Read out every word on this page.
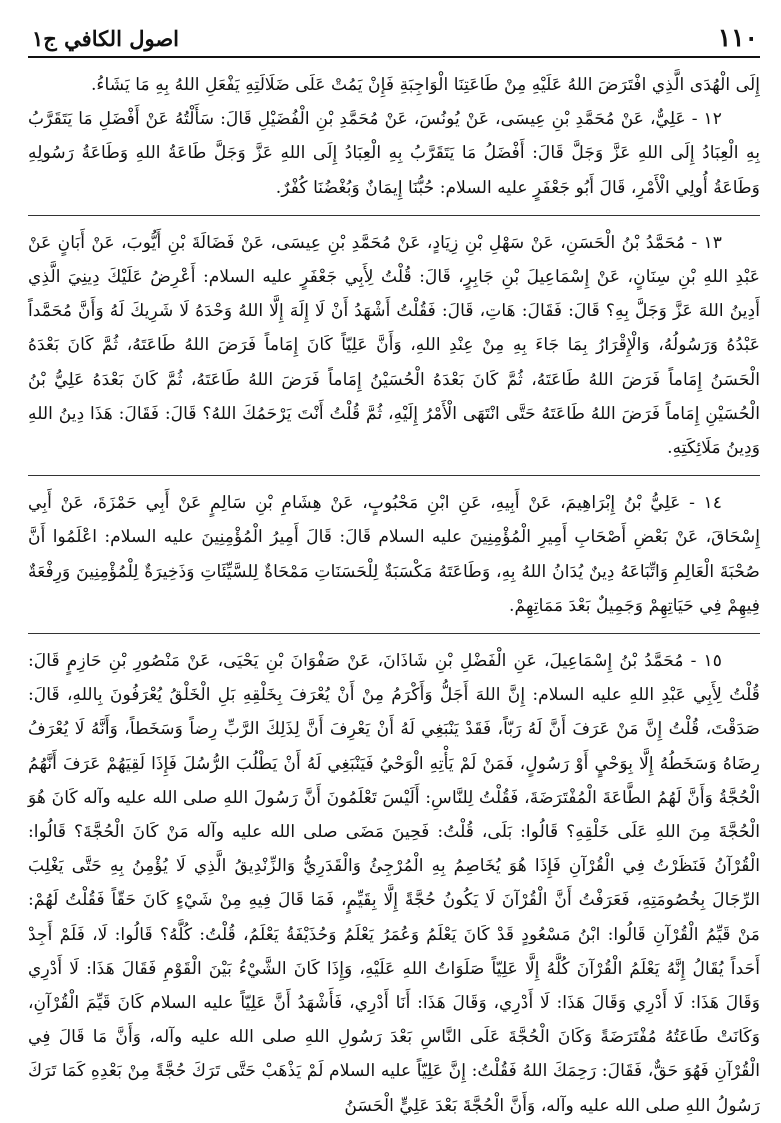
١١٠
اصول الكافي ج١

إِلَى الْهُدَى الَّذِي افْتَرَضَ اللهُ عَلَيْهِ مِنْ طَاعَتِنَا الْوَاجِبَةِ فَإِنْ يَمُتْ عَلَى ضَلَالَتِهِ يَفْعَلِ اللهُ بِهِ مَا يَشَاءُ.

١٢ - عَلِيٌّ، عَنْ مُحَمَّدِ بْنِ عِيسَى، عَنْ يُونُسَ، عَنْ مُحَمَّدِ بْنِ الْفُضَيْلِ قَالَ: سَأَلْتُهُ عَنْ أَفْضَلِ مَا يَتَقَرَّبُ بِهِ الْعِبَادُ إِلَى اللهِ عَزَّ وَجَلَّ قَالَ: أَفْضَلُ مَا يَتَقَرَّبُ بِهِ الْعِبَادُ إِلَى اللهِ عَزَّ وَجَلَّ طَاعَةُ اللهِ وَطَاعَةُ رَسُولِهِ وَطَاعَةُ أُولِي الْأَمْرِ، قَالَ أَبُو جَعْفَرٍ عليه السلام: حُبُّنَا إِيمَانٌ وَبُغْضُنَا كُفْرٌ.

١٣ - مُحَمَّدُ بْنُ الْحَسَنِ، عَنْ سَهْلِ بْنِ زِيَادٍ، عَنْ مُحَمَّدِ بْنِ عِيسَى، عَنْ فَضَالَةَ بْنِ أَيُّوبَ، عَنْ أَبَانٍ عَنْ عَبْدِ اللهِ بْنِ سِنَانٍ، عَنْ إِسْمَاعِيلَ بْنِ جَابِرٍ، قَالَ: قُلْتُ لِأَبِي جَعْفَرٍ عليه السلام: أَعْرِضُ عَلَيْكَ دِينِيَ الَّذِي أَدِينُ اللهَ عَزَّ وَجَلَّ بِهِ؟ قَالَ: فَقَالَ: هَاتِ، قَالَ: فَقُلْتُ أَشْهَدُ أَنْ لَا إِلَهَ إِلَّا اللهُ وَحْدَهُ لَا شَرِيكَ لَهُ وَأَنَّ مُحَمَّداً عَبْدُهُ وَرَسُولُهُ، وَالْإِقْرَارُ بِمَا جَاءَ بِهِ مِنْ عِنْدِ اللهِ، وَأَنَّ عَلِيّاً كَانَ إِمَاماً فَرَضَ اللهُ طَاعَتَهُ، ثُمَّ كَانَ بَعْدَهُ الْحَسَنُ إِمَاماً فَرَضَ اللهُ طَاعَتَهُ، ثُمَّ كَانَ بَعْدَهُ الْحُسَيْنُ إِمَاماً فَرَضَ اللهُ طَاعَتَهُ، ثُمَّ كَانَ بَعْدَهُ عَلِيُّ بْنُ الْحُسَيْنِ إِمَاماً فَرَضَ اللهُ طَاعَتَهُ حَتَّى انْتَهَى الْأَمْرُ إِلَيْهِ، ثُمَّ قُلْتُ أَنْتَ يَرْحَمُكَ اللهُ؟ قَالَ: فَقَالَ: هَذَا دِينُ اللهِ وَدِينُ مَلَائِكَتِهِ.

١٤ - عَلِيُّ بْنُ إِبْرَاهِيمَ، عَنْ أَبِيهِ، عَنِ ابْنِ مَحْبُوبٍ، عَنْ هِشَامِ بْنِ سَالِمٍ عَنْ أَبِي حَمْزَةَ، عَنْ أَبِي إِسْحَاقَ، عَنْ بَعْضِ أَصْحَابِ أَمِيرِ الْمُؤْمِنِينَ عليه السلام قَالَ: قَالَ أَمِيرُ الْمُؤْمِنِينَ عليه السلام: اعْلَمُوا أَنَّ صُحْبَةَ الْعَالِمِ وَاتِّبَاعَهُ دِينٌ يُدَانُ اللهُ بِهِ، وَطَاعَتَهُ مَكْسَبَةٌ لِلْحَسَنَاتِ مَمْحَاةٌ لِلسَّيِّئَاتِ وَذَخِيرَةٌ لِلْمُؤْمِنِينَ وَرِفْعَةٌ فِيهِمْ فِي حَيَاتِهِمْ وَجَمِيلٌ بَعْدَ مَمَاتِهِمْ.

١٥ - مُحَمَّدُ بْنُ إِسْمَاعِيلَ، عَنِ الْفَضْلِ بْنِ شَاذَانَ، عَنْ صَفْوَانَ بْنِ يَحْيَى، عَنْ مَنْصُورِ بْنِ حَازِمٍ قَالَ: قُلْتُ لِأَبِي عَبْدِ اللهِ عليه السلام: إِنَّ اللهَ أَجَلُّ وَأَكْرَمُ مِنْ أَنْ يُعْرَفَ بِخَلْقِهِ بَلِ الْخَلْقُ يُعْرَفُونَ بِاللهِ، قَالَ: صَدَقْتَ، قُلْتُ إِنَّ مَنْ عَرَفَ أَنَّ لَهُ رَبّاً، فَقَدْ يَنْبَغِي لَهُ أَنْ يَعْرِفَ أَنَّ لِذَلِكَ الرَّبِّ رِضاً وَسَخَطاً، وَأَنَّهُ لَا يُعْرَفُ رِضَاهُ وَسَخَطُهُ إِلَّا بِوَحْيٍ أَوْ رَسُولٍ، فَمَنْ لَمْ يَأْتِهِ الْوَحْيُ فَيَنْبَغِي لَهُ أَنْ يَطْلُبَ الرُّسُلَ فَإِذَا لَقِيَهُمْ عَرَفَ أَنَّهُمُ الْحُجَّةُ وَأَنَّ لَهُمُ الطَّاعَةَ الْمُفْتَرَضَةَ، فَقُلْتُ لِلنَّاسِ: أَلَيْسَ تَعْلَمُونَ أَنَّ رَسُولَ اللهِ صلى الله عليه وآله كَانَ هُوَ الْحُجَّةَ مِنَ اللهِ عَلَى خَلْقِهِ؟ قَالُوا: بَلَى، قُلْتُ: فَحِينَ مَضَى صلى الله عليه وآله مَنْ كَانَ الْحُجَّةَ؟ قَالُوا: الْقُرْآنُ فَنَظَرْتُ فِي الْقُرْآنِ فَإِذَا هُوَ يُخَاصِمُ بِهِ الْمُرْجِئُ وَالْقَدَرِيُّ وَالزِّنْدِيقُ الَّذِي لَا يُؤْمِنُ بِهِ حَتَّى يَغْلِبَ الرِّجَالَ بِخُصُومَتِهِ، فَعَرَفْتُ أَنَّ الْقُرْآنَ لَا يَكُونُ حُجَّةً إِلَّا بِقَيِّمٍ، فَمَا قَالَ فِيهِ مِنْ شَيْءٍ كَانَ حَقّاً فَقُلْتُ لَهُمْ: مَنْ قَيِّمُ الْقُرْآنِ قَالُوا: ابْنُ مَسْعُودٍ قَدْ كَانَ يَعْلَمُ وَعُمَرُ يَعْلَمُ وَحُذَيْفَةُ يَعْلَمُ، قُلْتُ: كُلَّهُ؟ قَالُوا: لَا، فَلَمْ أَجِدْ أَحَداً يُقَالُ إِنَّهُ يَعْلَمُ الْقُرْآنَ كُلَّهُ إِلَّا عَلِيّاً صَلَوَاتُ اللهِ عَلَيْهِ، وَإِذَا كَانَ الشَّيْءُ بَيْنَ الْقَوْمِ فَقَالَ هَذَا: لَا أَدْرِي وَقَالَ هَذَا: لَا أَدْرِي وَقَالَ هَذَا: لَا أَدْرِي، وَقَالَ هَذَا: أَنَا أَدْرِي، فَأَشْهَدُ أَنَّ عَلِيّاً عليه السلام كَانَ قَيِّمَ الْقُرْآنِ، وَكَانَتْ طَاعَتُهُ مُفْتَرَضَةً وَكَانَ الْحُجَّةَ عَلَى النَّاسِ بَعْدَ رَسُولِ اللهِ صلى الله عليه وآله، وَأَنَّ مَا قَالَ فِي الْقُرْآنِ فَهُوَ حَقٌّ، فَقَالَ: رَحِمَكَ اللهُ فَقُلْتُ: إِنَّ عَلِيّاً عليه السلام لَمْ يَذْهَبْ حَتَّى تَرَكَ حُجَّةً مِنْ بَعْدِهِ كَمَا تَرَكَ رَسُولُ اللهِ صلى الله عليه وآله، وَأَنَّ الْحُجَّةَ بَعْدَ عَلِيٍّ الْحَسَنُ
